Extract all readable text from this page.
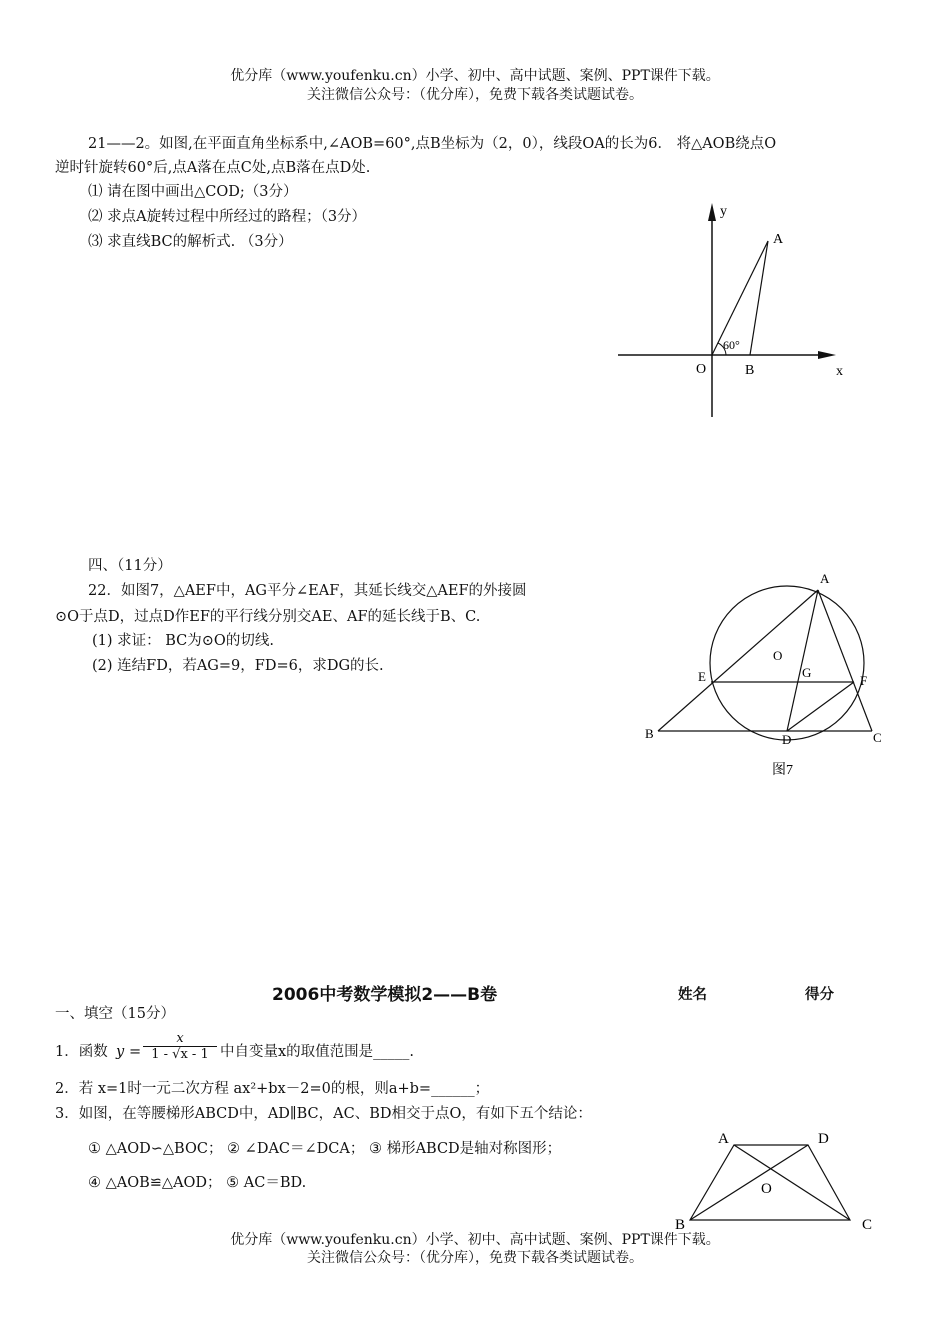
优分库（www.youfenku.cn）小学、初中、高中试题、案例、PPT课件下载。
关注微信公众号：（优分库），免费下载各类试题试卷。
21——2。如图,在平面直角坐标系中,∠AOB=60°,点B坐标为（2，0），线段OA的长为6． 将△AOB绕点O
逆时针旋转60°后,点A落在点C处,点B落在点D处.
⑴ 请在图中画出△COD;（3分）
⑵ 求点A旋转过程中所经过的路程；（3分）
⑶ 求直线BC的解析式. （3分）
y
A
60°
O	B	x
四、（11分）
22．如图7，△AEF中，AG平分∠EAF，其延长线交△AEF的外接圆
⊙O于点D，过点D作EF的平行线分别交AE、AF的延长线于B、C.
(1) 求证： BC为⊙O的切线.
(2) 连结FD，若AG=9，FD=6，求DG的长.
A
O
E	G
F
B	D	C
图7
2006中考数学模拟2——B卷	姓名	得分
一、填空（15分）
1．函数 $y = \frac{x}{1 - √x - 1}$ 中自变量x的取值范围是_____.
2．若 x=1时一元二次方程 ax²+bx－2=0的根，则a+b=______；
3．如图，在等腰梯形ABCD中，AD∥BC，AC、BD相交于点O，有如下五个结论：
① △AOD∽△BOC； ② ∠DAC＝∠DCA； ③ 梯形ABCD是轴对称图形；
④ △AOB≌△AOD； ⑤ AC＝BD.
A	D
O
B	C
优分库（www.youfenku.cn）小学、初中、高中试题、案例、PPT课件下载。
关注微信公众号：（优分库），免费下载各类试题试卷。
